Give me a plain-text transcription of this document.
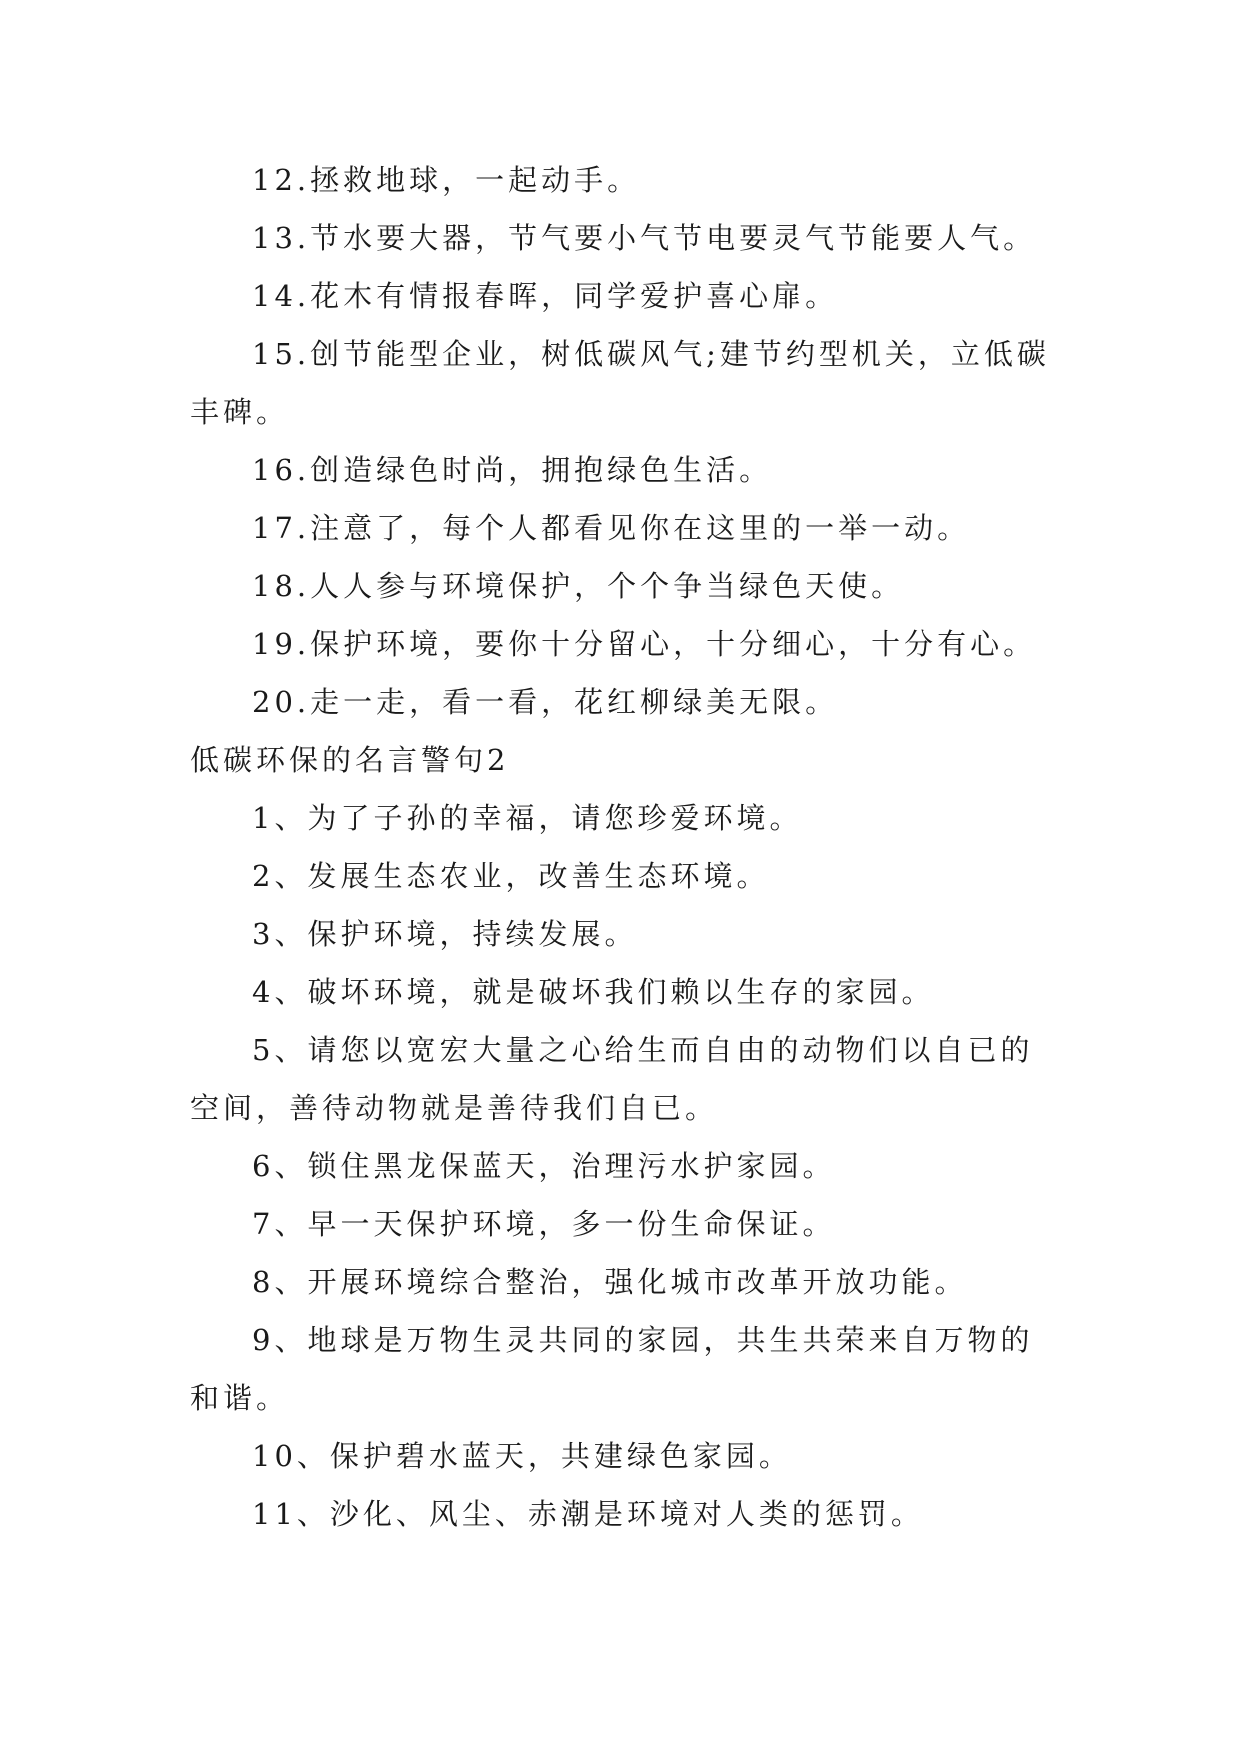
12.拯救地球，一起动手。

13.节水要大器，节气要小气节电要灵气节能要人气。

14.花木有情报春晖，同学爱护喜心扉。

15.创节能型企业，树低碳风气;建节约型机关，立低碳丰碑。

16.创造绿色时尚，拥抱绿色生活。

17.注意了，每个人都看见你在这里的一举一动。

18.人人参与环境保护，个个争当绿色天使。

19.保护环境，要你十分留心，十分细心，十分有心。

20.走一走，看一看，花红柳绿美无限。

低碳环保的名言警句2

1、为了子孙的幸福，请您珍爱环境。

2、发展生态农业，改善生态环境。

3、保护环境，持续发展。

4、破坏环境，就是破坏我们赖以生存的家园。

5、请您以宽宏大量之心给生而自由的动物们以自已的空间，善待动物就是善待我们自已。

6、锁住黑龙保蓝天，治理污水护家园。

7、早一天保护环境，多一份生命保证。

8、开展环境综合整治，强化城市改革开放功能。

9、地球是万物生灵共同的家园，共生共荣来自万物的和谐。

10、保护碧水蓝天，共建绿色家园。

11、沙化、风尘、赤潮是环境对人类的惩罚。
